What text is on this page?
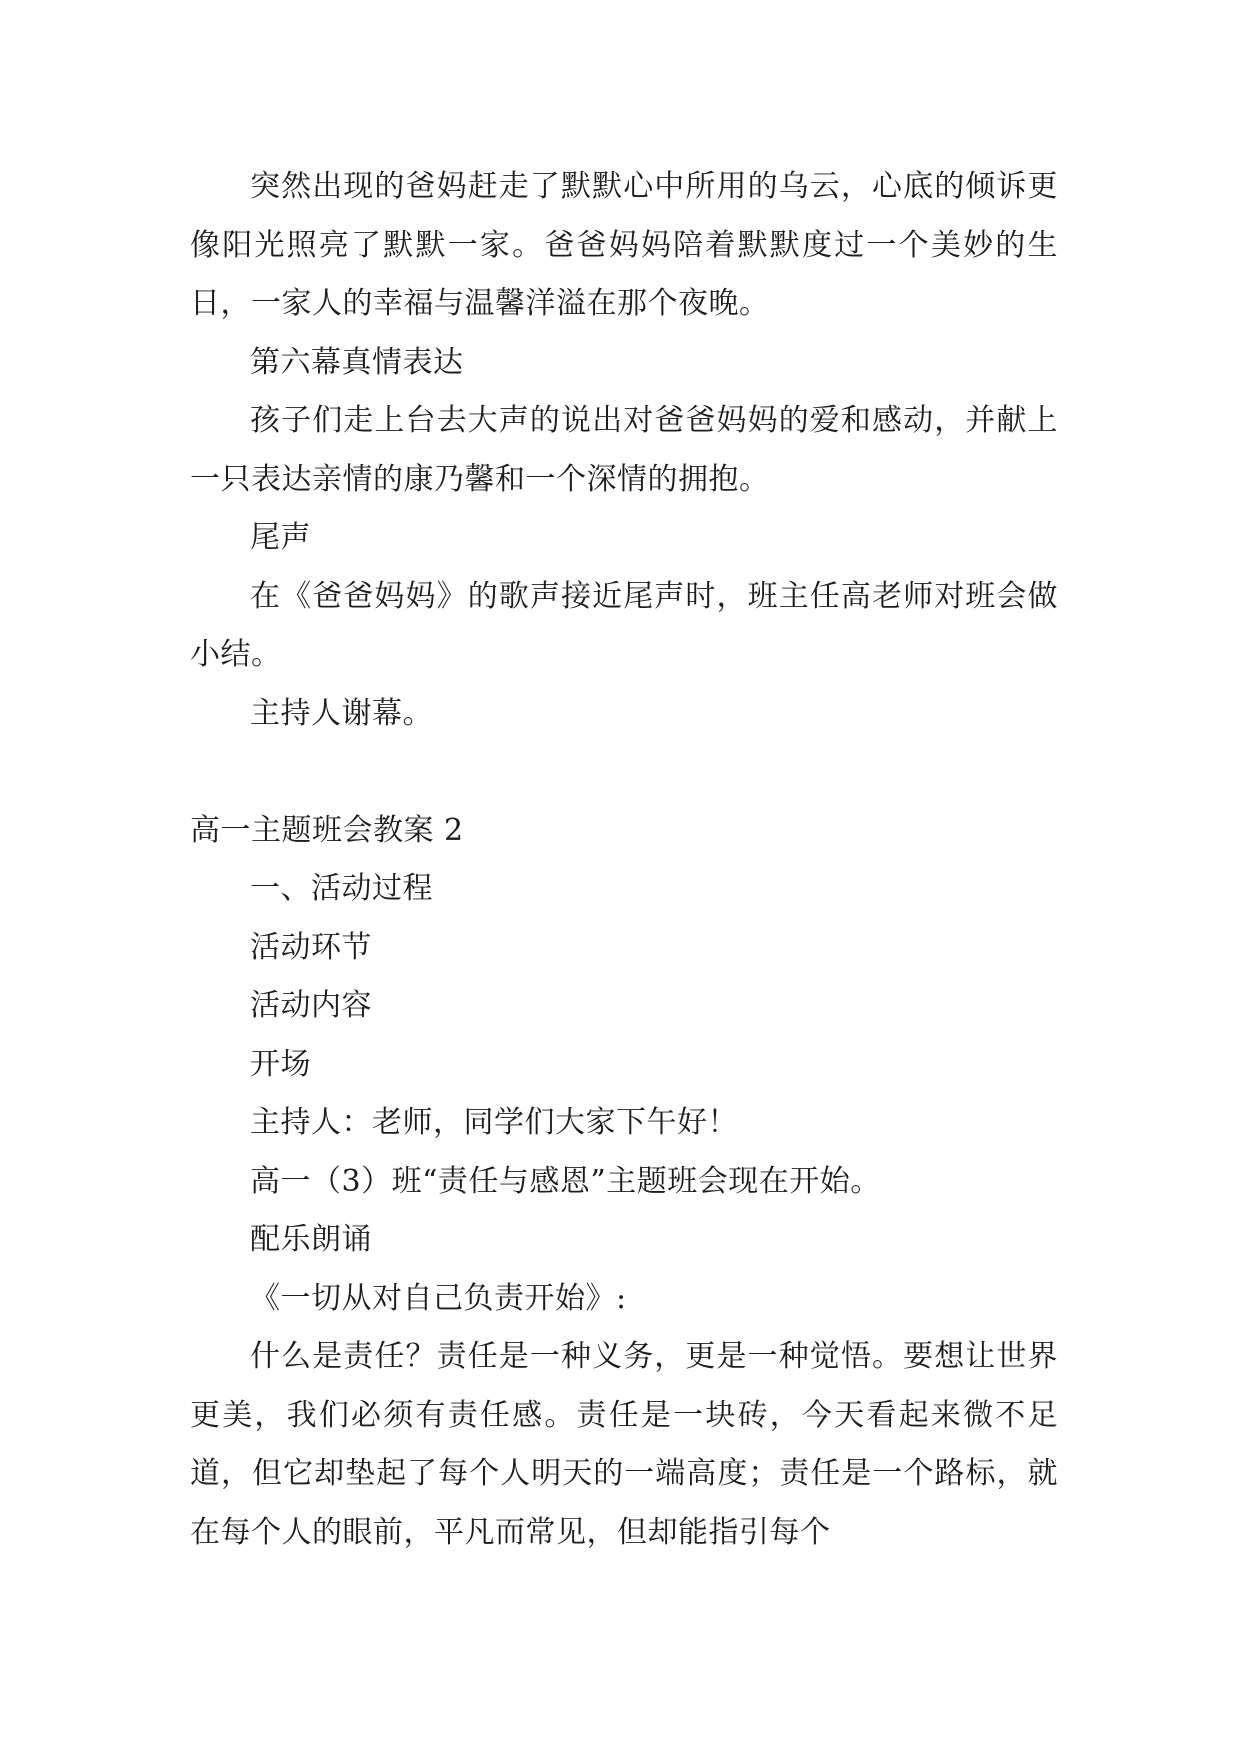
突然出现的爸妈赶走了默默心中所用的乌云，心底的倾诉更像阳光照亮了默默一家。爸爸妈妈陪着默默度过一个美妙的生日，一家人的幸福与温馨洋溢在那个夜晚。

第六幕真情表达

孩子们走上台去大声的说出对爸爸妈妈的爱和感动，并献上一只表达亲情的康乃馨和一个深情的拥抱。

尾声

在《爸爸妈妈》的歌声接近尾声时，班主任高老师对班会做小结。

主持人谢幕。

高一主题班会教案 2

一、活动过程

活动环节

活动内容

开场

主持人：老师，同学们大家下午好！

高一（3）班“责任与感恩”主题班会现在开始。

配乐朗诵

《一切从对自己负责开始》:

什么是责任？责任是一种义务，更是一种觉悟。要想让世界更美，我们必须有责任感。责任是一块砖，今天看起来微不足道，但它却垫起了每个人明天的一端高度；责任是一个路标，就在每个人的眼前，平凡而常见，但却能指引每个
